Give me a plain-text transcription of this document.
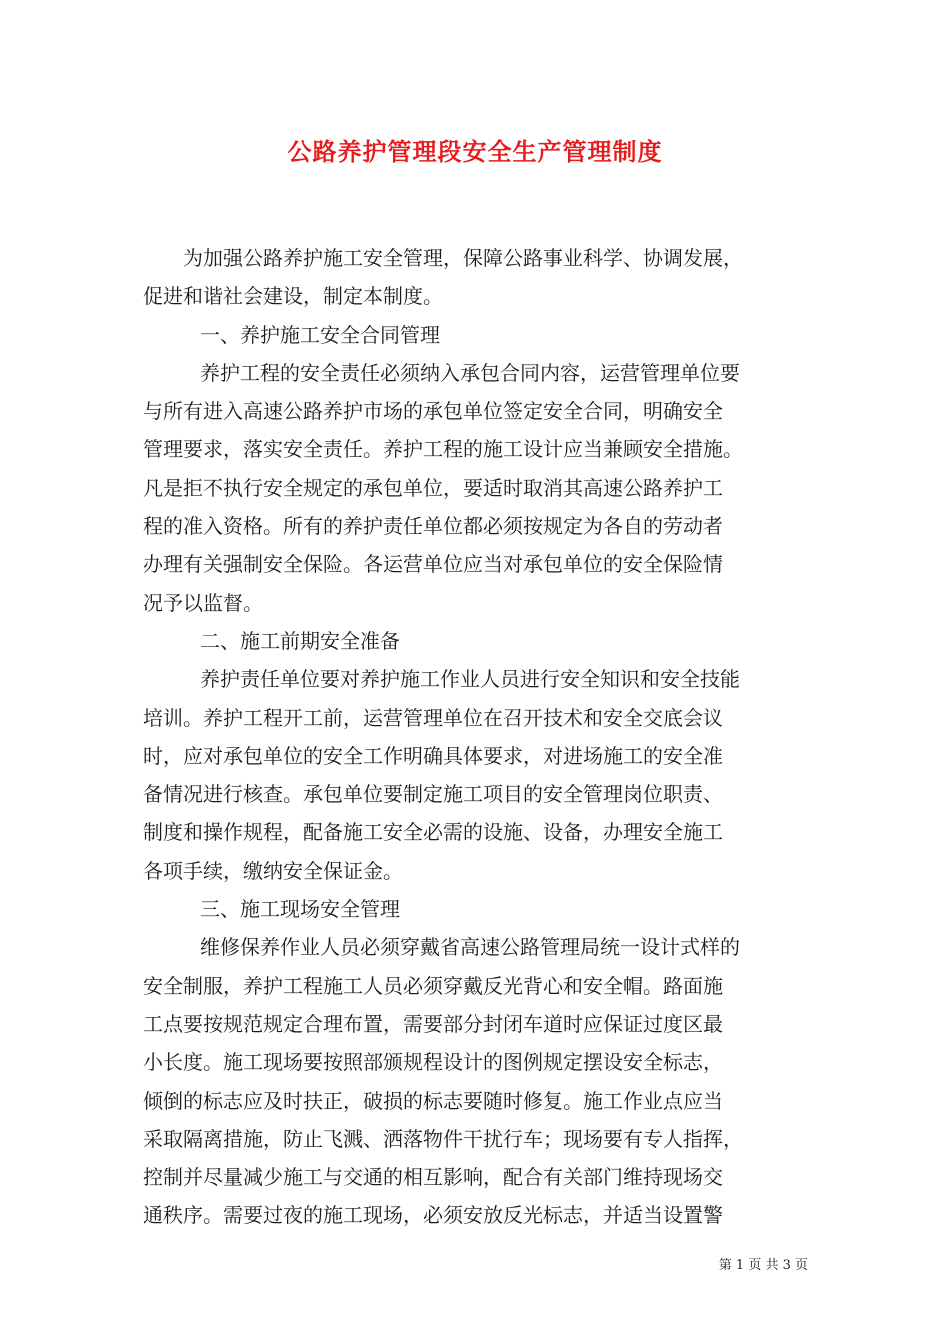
公路养护管理段安全生产管理制度
为加强公路养护施工安全管理，保障公路事业科学、协调发展，
促进和谐社会建设，制定本制度。
一、养护施工安全合同管理
养护工程的安全责任必须纳入承包合同内容，运营管理单位要
与所有进入高速公路养护市场的承包单位签定安全合同，明确安全
管理要求，落实安全责任。养护工程的施工设计应当兼顾安全措施。
凡是拒不执行安全规定的承包单位，要适时取消其高速公路养护工
程的准入资格。所有的养护责任单位都必须按规定为各自的劳动者
办理有关强制安全保险。各运营单位应当对承包单位的安全保险情
况予以监督。
二、施工前期安全准备
养护责任单位要对养护施工作业人员进行安全知识和安全技能
培训。养护工程开工前，运营管理单位在召开技术和安全交底会议
时，应对承包单位的安全工作明确具体要求，对进场施工的安全准
备情况进行核查。承包单位要制定施工项目的安全管理岗位职责、
制度和操作规程，配备施工安全必需的设施、设备，办理安全施工
各项手续，缴纳安全保证金。
三、施工现场安全管理
维修保养作业人员必须穿戴省高速公路管理局统一设计式样的
安全制服，养护工程施工人员必须穿戴反光背心和安全帽。路面施
工点要按规范规定合理布置，需要部分封闭车道时应保证过度区最
小长度。施工现场要按照部颁规程设计的图例规定摆设安全标志，
倾倒的标志应及时扶正，破损的标志要随时修复。施工作业点应当
采取隔离措施，防止飞溅、洒落物件干扰行车；现场要有专人指挥，
控制并尽量减少施工与交通的相互影响，配合有关部门维持现场交
通秩序。需要过夜的施工现场，必须安放反光标志，并适当设置警
第 1 页 共 3 页
